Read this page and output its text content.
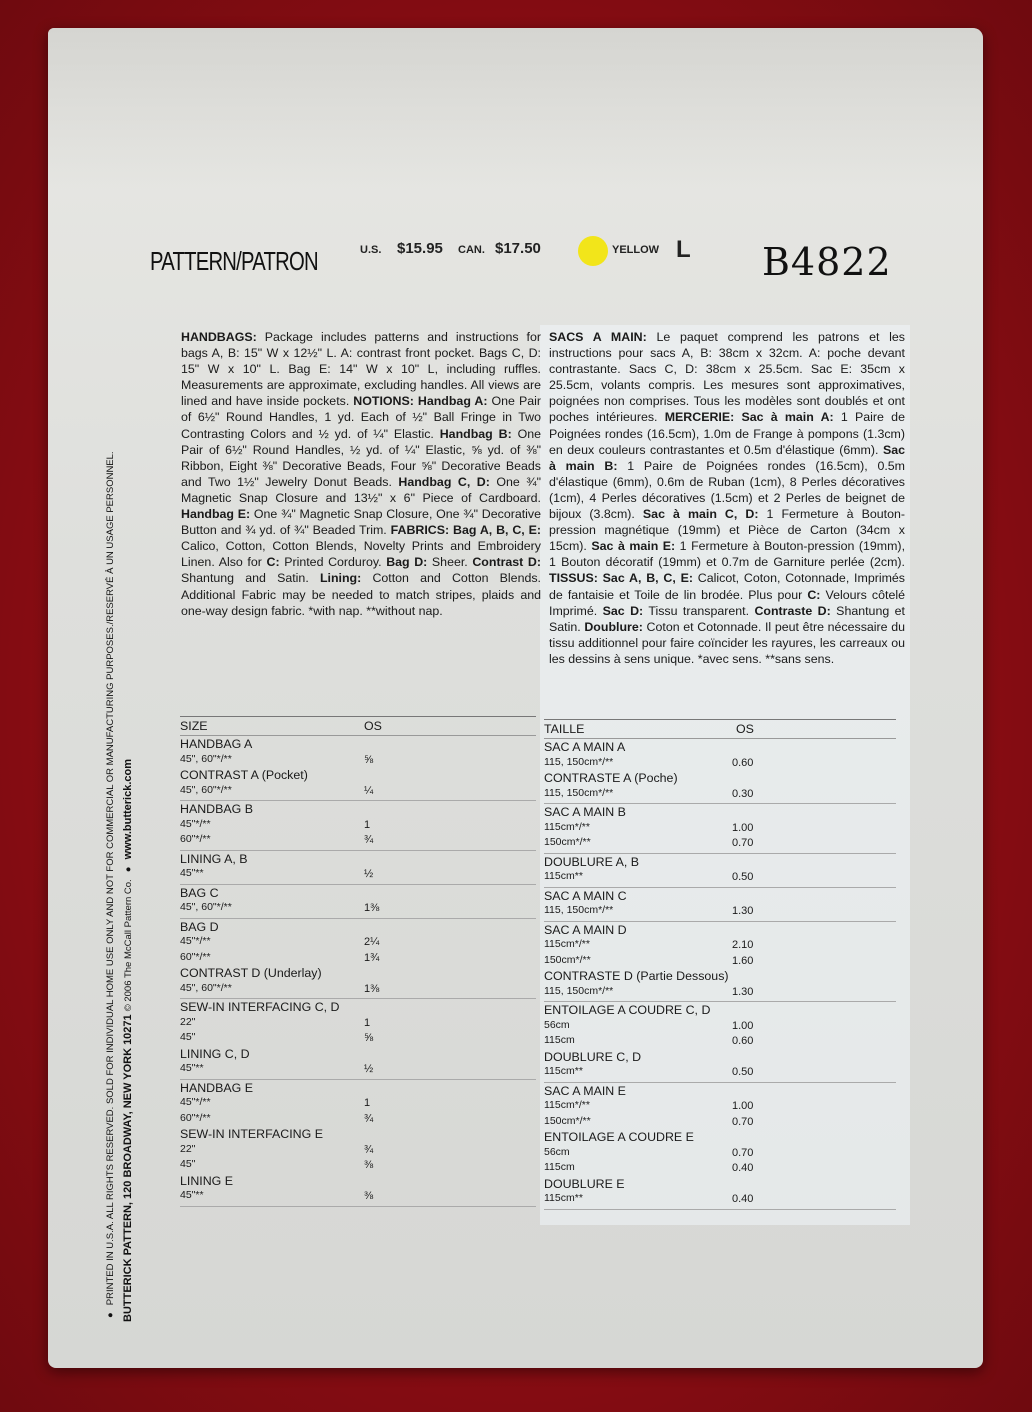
● PRINTED IN U.S.A. ALL RIGHTS RESERVED. SOLD FOR INDIVIDUAL HOME USE ONLY AND NOT FOR COMMERCIAL OR MANUFACTURING PURPOSES./RESERVÉ À UN USAGE PERSONNEL. BUTTERICK PATTERN, 120 BROADWAY, NEW YORK 10271 © 2006 The McCall Pattern Co. ● www.butterick.com
PATTERN/PATRON	U.S. $15.95 CAN. $17.50	YELLOW L B4822
HANDBAGS: Package includes patterns and instructions for bags A, B: 15" W x 12½" L. A: contrast front pocket. Bags C, D: 15" W x 10" L. Bag E: 14" W x 10" L, including ruffles. Measurements are approximate, excluding handles. All views are lined and have inside pockets. NOTIONS: Handbag A: One Pair of 6½" Round Handles, 1 yd. Each of ½" Ball Fringe in Two Contrasting Colors and ½ yd. of ¼" Elastic. Handbag B: One Pair of 6½" Round Handles, ½ yd. of ¼" Elastic, ⅝ yd. of ⅜" Ribbon, Eight ⅜" Decorative Beads, Four ⅝" Decorative Beads and Two 1½" Jewelry Donut Beads. Handbag C, D: One ¾" Magnetic Snap Closure and 13½" x 6" Piece of Cardboard. Handbag E: One ¾" Magnetic Snap Closure, One ¾" Decorative Button and ¾ yd. of ¾" Beaded Trim. FABRICS: Bag A, B, C, E: Calico, Cotton, Cotton Blends, Novelty Prints and Embroidery Linen. Also for C: Printed Corduroy. Bag D: Sheer. Contrast D: Shantung and Satin. Lining: Cotton and Cotton Blends. Additional Fabric may be needed to match stripes, plaids and one-way design fabric. *with nap. **without nap.
SACS A MAIN: Le paquet comprend les patrons et les instructions pour sacs A, B: 38cm x 32cm. A: poche devant contrastante. Sacs C, D: 38cm x 25.5cm. Sac E: 35cm x 25.5cm, volants compris. Les mesures sont approximatives, poignées non comprises. Tous les modèles sont doublés et ont poches intérieures. MERCERIE: Sac à main A: 1 Paire de Poignées rondes (16.5cm), 1.0m de Frange à pompons (1.3cm) en deux couleurs contrastantes et 0.5m d'élastique (6mm). Sac à main B: 1 Paire de Poignées rondes (16.5cm), 0.5m d'élastique (6mm), 0.6m de Ruban (1cm), 8 Perles décoratives (1cm), 4 Perles décoratives (1.5cm) et 2 Perles de beignet de bijoux (3.8cm). Sac à main C, D: 1 Fermeture à Bouton-pression magnétique (19mm) et Pièce de Carton (34cm x 15cm). Sac à main E: 1 Fermeture à Bouton-pression (19mm), 1 Bouton décoratif (19mm) et 0.7m de Garniture perlée (2cm). TISSUS: Sac A, B, C, E: Calicot, Coton, Cotonnade, Imprimés de fantaisie et Toile de lin brodée. Plus pour C: Velours côtelé Imprimé. Sac D: Tissu transparent. Contraste D: Shantung et Satin. Doublure: Coton et Cotonnade. Il peut être nécessaire du tissu additionnel pour faire coïncider les rayures, les carreaux ou les dessins à sens unique. *avec sens. **sans sens.
SIZE	OS
HANDBAG A
45", 60"*/**	⅝
CONTRAST A (Pocket)
45", 60"*/**	¼
HANDBAG B
45"*/**	1
60"*/**	¾
LINING A, B
45"**	½
BAG C
45", 60"*/**	1⅜
BAG D
45"*/**	2¼
60"*/**	1¾
CONTRAST D (Underlay)
45", 60"*/**	1⅜
SEW-IN INTERFACING C, D
22"	1
45"	⅝
LINING C, D
45"**	½
HANDBAG E
45"*/**	1
60"*/**	¾
SEW-IN INTERFACING E
22"	¾
45"	⅜
LINING E
45"**	⅜
TAILLE	OS
SAC A MAIN A
115, 150cm*/**	0.60
CONTRASTE A (Poche)
115, 150cm*/**	0.30
SAC A MAIN B
115cm*/**	1.00
150cm*/**	0.70
DOUBLURE A, B
115cm**	0.50
SAC A MAIN C
115, 150cm*/**	1.30
SAC A MAIN D
115cm*/**	2.10
150cm*/**	1.60
CONTRASTE D (Partie Dessous)
115, 150cm*/**	1.30
ENTOILAGE A COUDRE C, D
56cm	1.00
115cm	0.60
DOUBLURE C, D
115cm**	0.50
SAC A MAIN E
115cm*/**	1.00
150cm*/**	0.70
ENTOILAGE A COUDRE E
56cm	0.70
115cm	0.40
DOUBLURE E
115cm**	0.40
